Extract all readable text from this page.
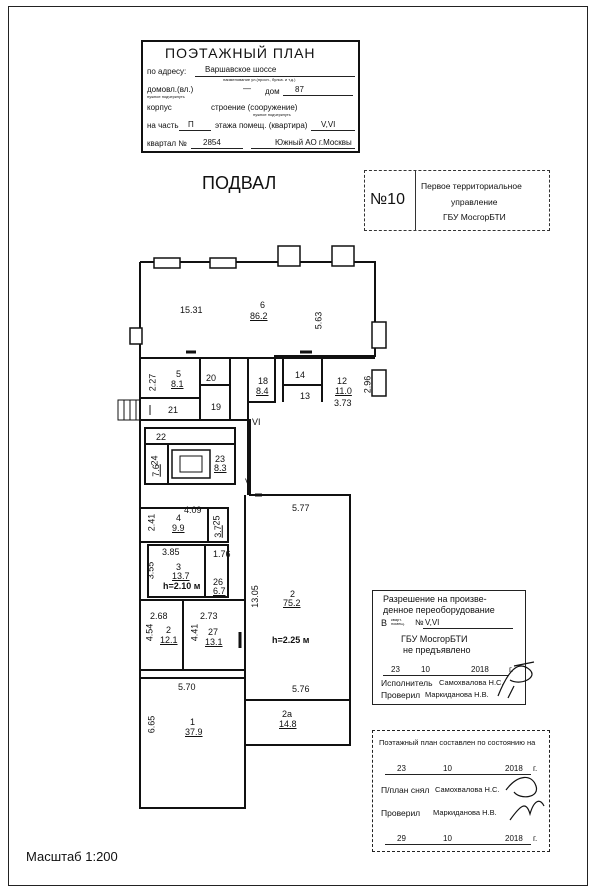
ПОЭТАЖНЫЙ ПЛАН
по адресу: Варшавское шоссе
наименование ул.(просп., бульв. и т.д.)
домовл.(вл.)	—
нужное подчеркнуть
дом 87
корпус	строение (сооружение)
нужное подчеркнуть
на часть П	этажа помещ. (квартира) V,VI
квартал № 2854	Южный АО г.Москвы
ПОДВАЛ
№10
Первое территориальное
управление
ГБУ МосгорБТИ
15.31	6
86.2	5.63
2.27 5
8.1
20	18
8.4
14
13
12
11.0 2.96
3.73
21	19
VI
22
24
7.6
23
8.3
V
4.09
2.41 4
9.9
25
3.7
3.85	1.76
3.55 3
13.7
h=2.10 м 26
6.7
2.68	2.73
4.54 2
12.1 4.41 27
13.1
5.70
6.65	1
37.9
5.77
13.05	2
75.2
h=2.25 м
5.76
2а
14.8
Разрешение на произве-
денное переоборудование
В кварт. помещ.	№ V,VI
ГБУ МосгорБТИ
не предъявлено
23	10	2018	г.
Исполнитель Самохвалова Н.С.
Проверил Маркиданова Н.В.
Поэтажный план составлен по состоянию на
23	10	2018 г.
П/план снял Самохвалова Н.С.
Проверил Маркиданова Н.В.
29	10	2018 г.
Масштаб 1:200
